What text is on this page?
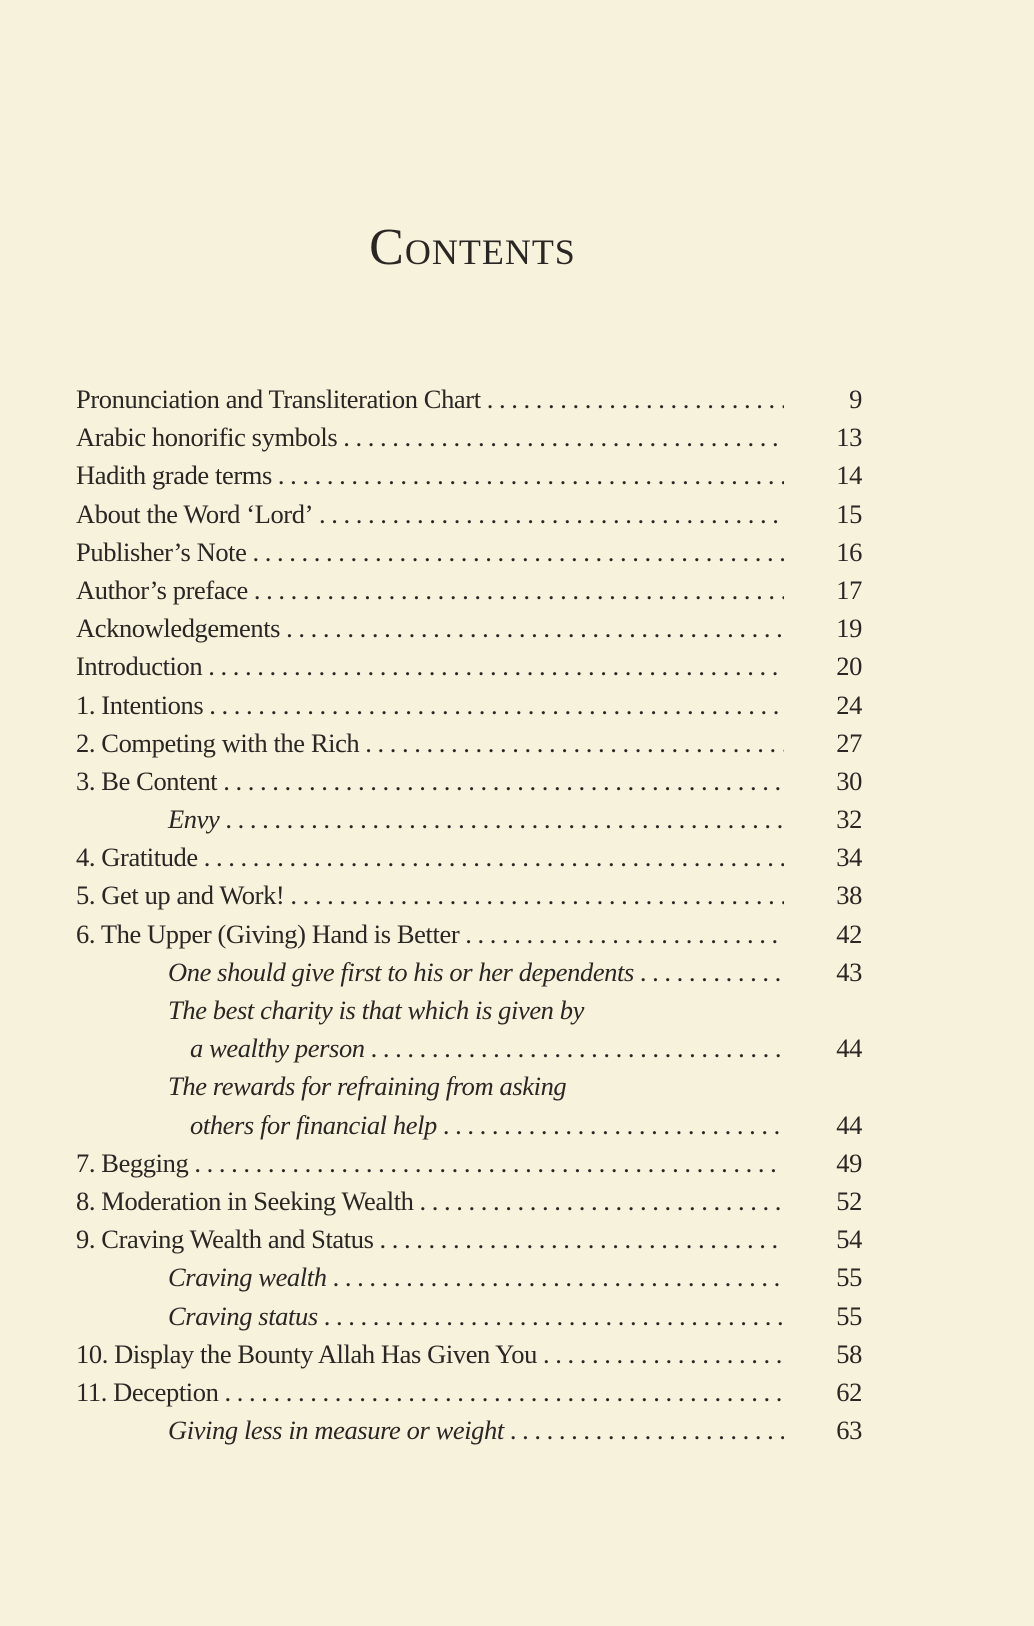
Contents
Pronunciation and Transliteration Chart . . .	9
Arabic honorific symbols . . .	13
Hadith grade terms . . .	14
About the Word ‘Lord’ . . .	15
Publisher’s Note . . .	16
Author’s preface . . .	17
Acknowledgements . . .	19
Introduction . . .	20
1. Intentions . . .	24
2. Competing with the Rich . . .	27
3. Be Content . . .	30
Envy . . .	32
4. Gratitude . . .	34
5. Get up and Work! . . .	38
6. The Upper (Giving) Hand is Better . . .	42
One should give first to his or her dependents . . .	43
The best charity is that which is given by
a wealthy person . . .	44
The rewards for refraining from asking
others for financial help . . .	44
7. Begging . . .	49
8. Moderation in Seeking Wealth . . .	52
9. Craving Wealth and Status . . .	54
Craving wealth . . .	55
Craving status . . .	55
10. Display the Bounty Allah Has Given You . . .	58
11. Deception . . .	62
Giving less in measure or weight . . .	63
